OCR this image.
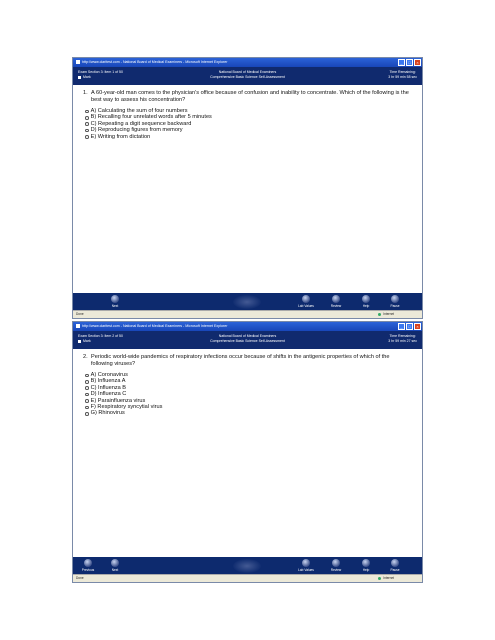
http://www.claritest.com - National Board of Medical Examiners - Microsoft Internet Explorer	_	□	×
Exam Section 3: Item 1 of 50
Mark
National Board of Medical Examiners
Comprehensive Basic Science Self-Assessment
Time Remaining:
3 hr 59 min 58 sec
1. A 60-year-old man comes to the physician's office because of confusion and inability to concentrate. Which of the following is the best way to assess his concentration?
A) Calculating the sum of four numbers
B) Recalling four unrelated words after 5 minutes
C) Repeating a digit sequence backward
D) Reproducing figures from memory
E) Writing from dictation
Next	Lab Values	Review	Help	Pause
Done	Internet
http://www.claritest.com - National Board of Medical Examiners - Microsoft Internet Explorer	_	□	×
Exam Section 3: Item 2 of 50
Mark
National Board of Medical Examiners
Comprehensive Basic Science Self-Assessment
Time Remaining:
3 hr 59 min 27 sec
2. Periodic world-wide pandemics of respiratory infections occur because of shifts in the antigenic properties of which of the following viruses?
A) Coronavirus
B) Influenza A
C) Influenza B
D) Influenza C
E) Parainfluenza virus
F) Respiratory syncytial virus
G) Rhinovirus
Previous	Next	Lab Values	Review	Help	Pause
Done	Internet
